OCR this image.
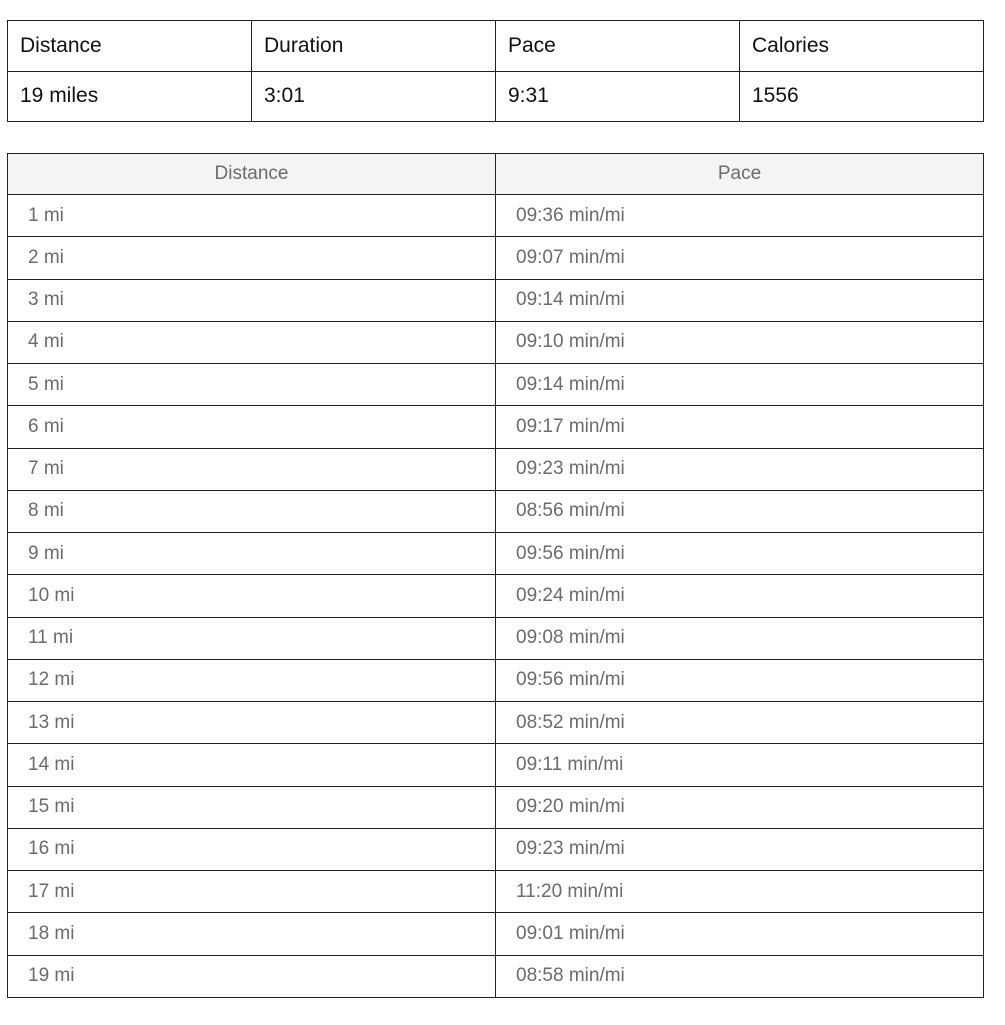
Distance	Duration	Pace	Calories
19 miles	3:01	9:31	1556
Distance	Pace
1 mi	09:36 min/mi
2 mi	09:07 min/mi
3 mi	09:14 min/mi
4 mi	09:10 min/mi
5 mi	09:14 min/mi
6 mi	09:17 min/mi
7 mi	09:23 min/mi
8 mi	08:56 min/mi
9 mi	09:56 min/mi
10 mi	09:24 min/mi
11 mi	09:08 min/mi
12 mi	09:56 min/mi
13 mi	08:52 min/mi
14 mi	09:11 min/mi
15 mi	09:20 min/mi
16 mi	09:23 min/mi
17 mi	11:20 min/mi
18 mi	09:01 min/mi
19 mi	08:58 min/mi
